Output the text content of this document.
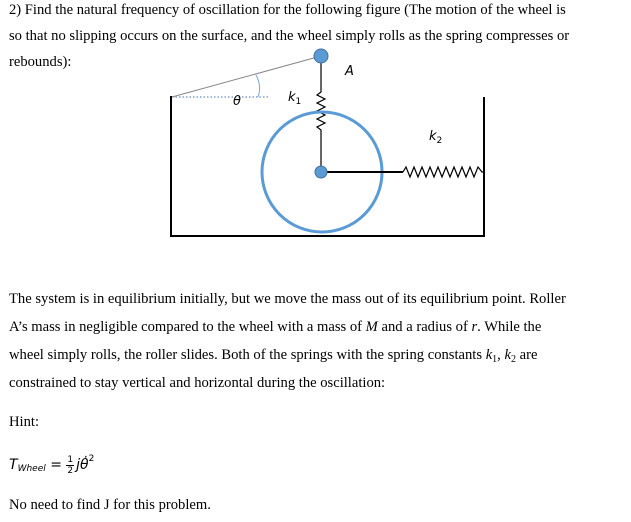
2) Find the natural frequency of oscillation for the following figure (The motion of the wheel is
so that no slipping occurs on the surface, and the wheel simply rolls as the spring compresses or
rebounds):
θ
A
$k_1$
$k_2$
The system is in equilibrium initially, but we move the mass out of its equilibrium point. Roller
A’s mass in negligible compared to the wheel with a mass of M and a radius of r. While the
wheel simply rolls, the roller slides. Both of the springs with the spring constants $k_1$, $k_2$ are
constrained to stay vertical and horizontal during the oscillation:
Hint:
T Wheel = $\frac{1}{2}$ jθ̇ 2
No need to find J for this problem.
